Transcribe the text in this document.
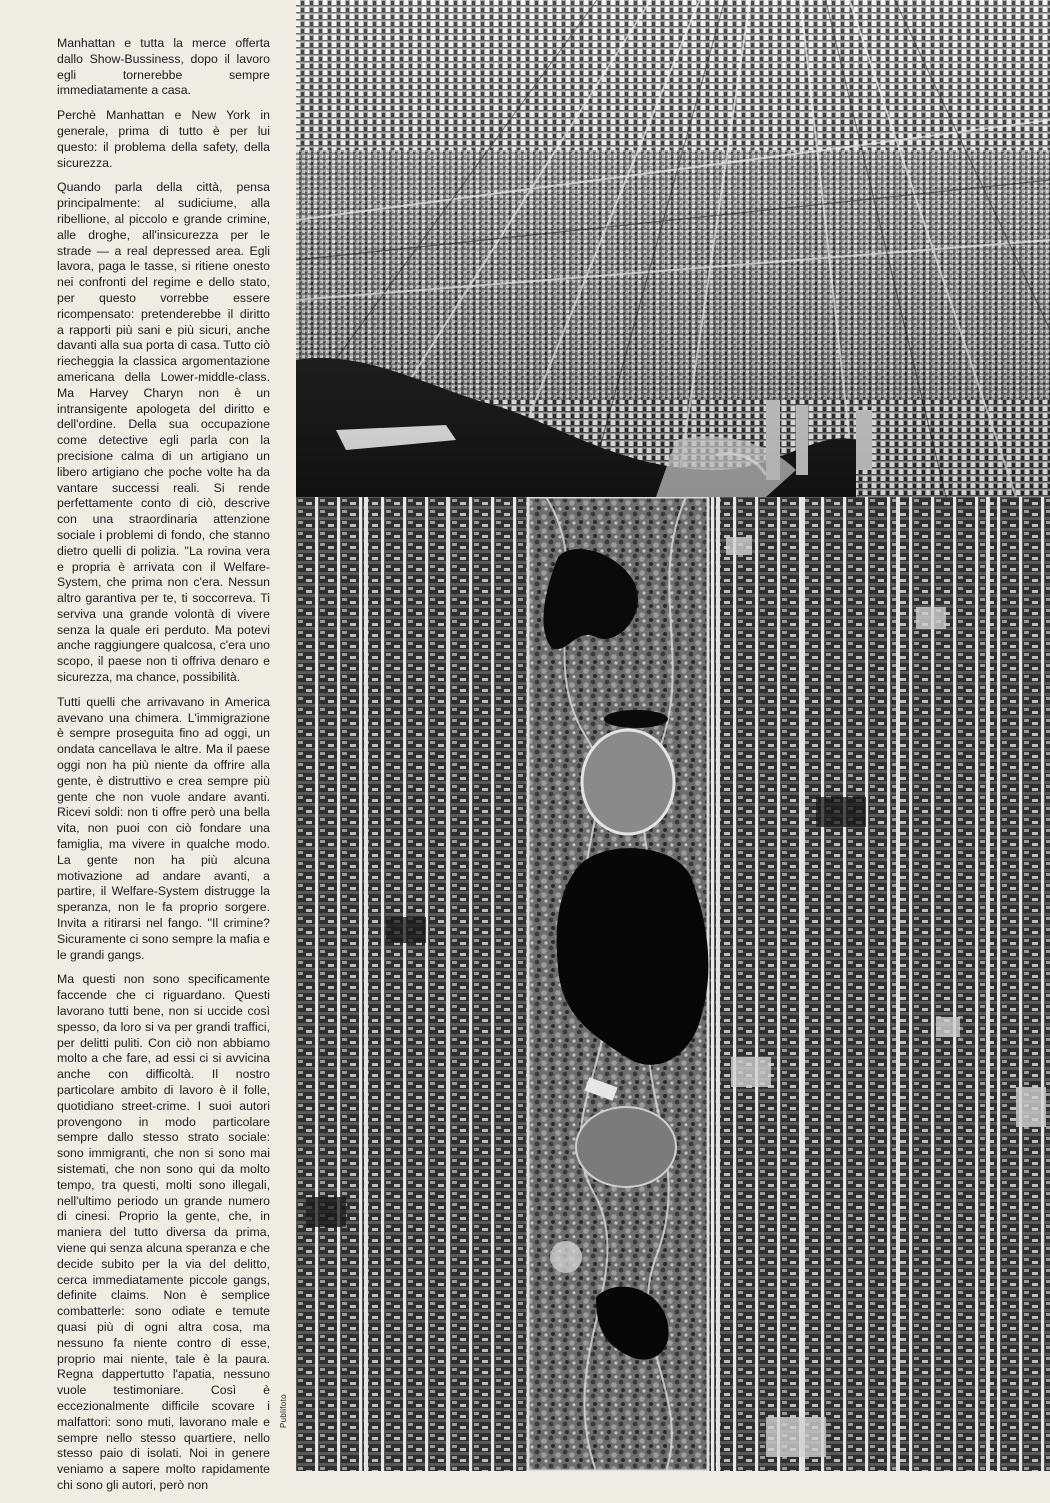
Manhattan e tutta la merce offerta dallo Show-Bussiness, dopo il lavoro egli tornerebbe sempre immediatamente a casa.

Perchè Manhattan e New York in generale, prima di tutto è per lui questo: il problema della safety, della sicurezza.

Quando parla della città, pensa principalmente: al sudiciume, alla ribellione, al piccolo e grande crimine, alle droghe, all'insicurezza per le strade — a real depressed area. Egli lavora, paga le tasse, si ritiene onesto nei confronti del regime e dello stato, per questo vorrebbe essere ricompensato: pretenderebbe il diritto a rapporti più sani e più sicuri, anche davanti alla sua porta di casa. Tutto ciò riecheggia la classica argomentazione americana della Lower-middle-class. Ma Harvey Charyn non è un intransigente apologeta del diritto e dell'ordine. Della sua occupazione come detective egli parla con la precisione calma di un artigiano un libero artigiano che poche volte ha da vantare successi reali. Si rende perfettamente conto di ciò, descrive con una straordinaria attenzione sociale i problemi di fondo, che stanno dietro quelli di polizia. ''La rovina vera e propria è arrivata con il Welfare-System, che prima non c'era. Nessun altro garantiva per te, ti soccorreva. Ti serviva una grande volontà di vivere senza la quale eri perduto. Ma potevi anche raggiungere qualcosa, c'era uno scopo, il paese non ti offriva denaro e sicurezza, ma chance, possibilità.

Tutti quelli che arrivavano in America avevano una chimera. L'immigrazione è sempre proseguita fino ad oggi, un ondata cancellava le altre. Ma il paese oggi non ha più niente da offrire alla gente, è distruttivo e crea sempre più gente che non vuole andare avanti. Ricevi soldi: non ti offre però una bella vita, non puoi con ciò fondare una famiglia, ma vivere in qualche modo. La gente non ha più alcuna motivazione ad andare avanti, a partire, il Welfare-System distrugge la speranza, non le fa proprio sorgere. Invita a ritirarsi nel fango. ''Il crimine? Sicuramente ci sono sempre la mafia e le grandi gangs.

Ma questi non sono specificamente faccende che ci riguardano. Questi lavorano tutti bene, non si uccide così spesso, da loro si va per grandi traffici, per delitti puliti. Con ciò non abbiamo molto a che fare, ad essi ci si avvicina anche con difficoltà. Il nostro particolare ambito di lavoro è il folle, quotidiano street-crime. I suoi autori provengono in modo particolare sempre dallo stesso strato sociale: sono immigranti, che non si sono mai sistemati, che non sono qui da molto tempo, tra questi, molti sono illegali, nell'ultimo periodo un grande numero di cinesi. Proprio la gente, che, in maniera del tutto diversa da prima, viene qui senza alcuna speranza e che decide subito per la via del delitto, cerca immediatamente piccole gangs, definite claims. Non è semplice combatterle: sono odiate e temute quasi più di ogni altra cosa, ma nessuno fa niente contro di esse, proprio mai niente, tale è la paura. Regna dappertutto l'apatia, nessuno vuole testimoniare. Così è eccezionalmente difficile scovare i malfattori: sono muti, lavorano male e sempre nello stesso quartiere, nello stesso paio di isolati. Noi in genere veniamo a sapere molto rapidamente chi sono gli autori, però non

Publifoto
